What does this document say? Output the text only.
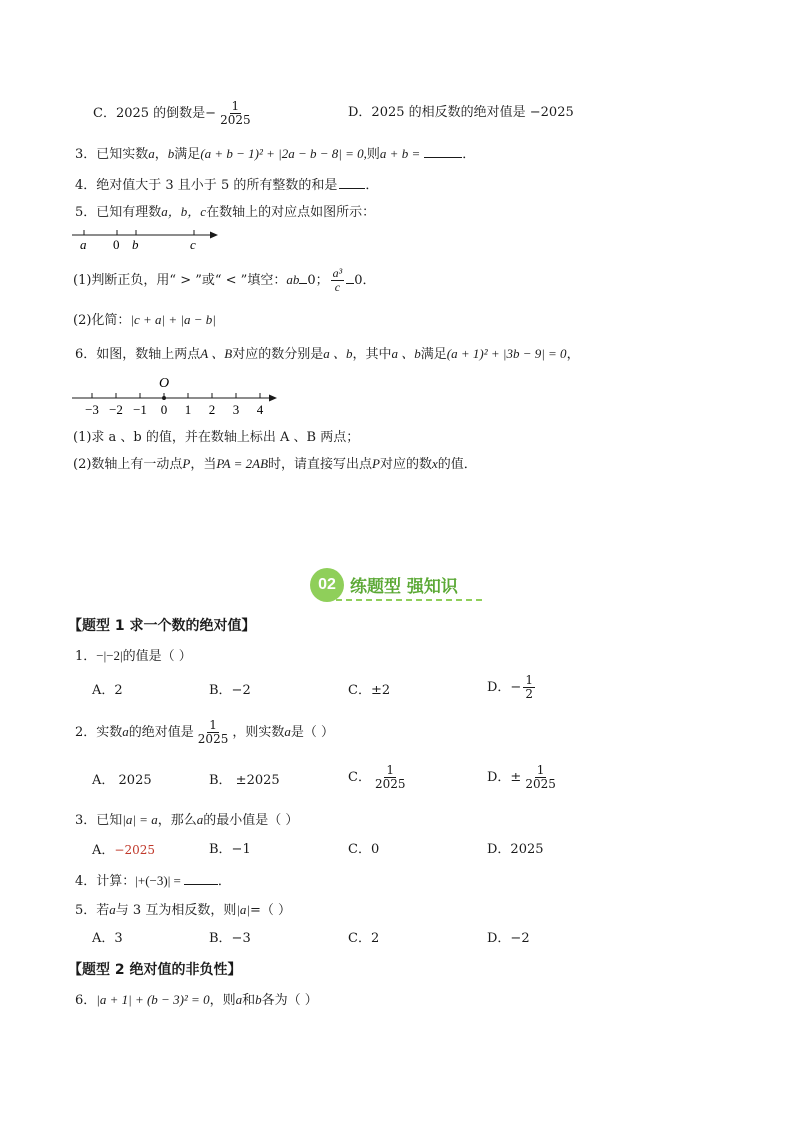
C．2025 的倒数是− $\frac{1}{2025}$	D．2025 的相反数的绝对值是 −2025
3．已知实数a，b满足(a + b − 1)² + |2a − b − 8| = 0,则a + b =	．
4．绝对值大于 3 且小于 5 的所有整数的和是 ．
5．已知有理数a，b，c在数轴上的对应点如图所示：
a 0 b	c
(1)判断正负，用“ > ”或“ < ”填空：ab 0； $\frac{\text{a³}}{c} 0$．
(2)化简：|c + a| + |a − b|
6．如图，数轴上两点A 、B对应的数分别是a 、b，其中a 、b满足(a + 1)² + |3b − 9| = 0，
O
−3 −2 −1 0 1 2 3 4
(1)求 a 、b 的值，并在数轴上标出 A 、B 两点；
(2)数轴上有一动点P，当PA = 2AB时，请直接写出点P对应的数x的值．
02 练题型 强知识
【题型 1 求一个数的绝对值】
1．−|−2|的值是（ ）
A．2	B．−2	C．±2	D．− $\frac{1}{2}$
2．实数a的绝对值是 $\frac{1}{2025}$ ，则实数a是（ ）
A． 2025	B． ±2025	C． $\frac{1}{2025}$	D．± $\frac{1}{2025}$
3．已知|a| = a，那么a的最小值是（ ）
A．−2025	B．−1	C．0	D．2025
4．计算：|+(−3)| =	．
5．若a与 3 互为相反数，则|a|=（ ）
A．3	B．−3	C．2	D．−2
【题型 2 绝对值的非负性】
6．|a + 1| + (b − 3)² = 0，则a和b各为（ ）
